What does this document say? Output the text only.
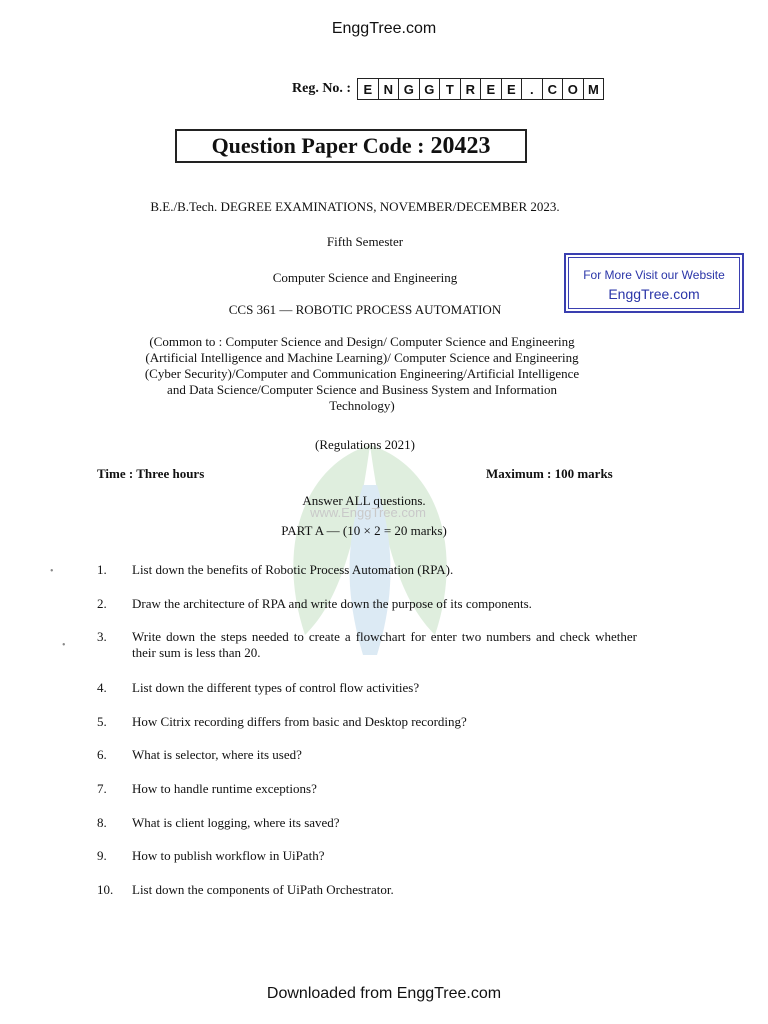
EnggTree.com
Reg. No. : E N G G T R E E	.	C O M
Question Paper Code : 20423
B.E./B.Tech. DEGREE EXAMINATIONS, NOVEMBER/DECEMBER 2023.
Fifth Semester
Computer Science and Engineering
CCS 361 — ROBOTIC PROCESS AUTOMATION
For More Visit our Website
EnggTree.com
(Common to : Computer Science and Design/ Computer Science and Engineering
(Artificial Intelligence and Machine Learning)/ Computer Science and Engineering
(Cyber Security)/Computer and Communication Engineering/Artificial Intelligence
and Data Science/Computer Science and Business System and Information
Technology)
(Regulations 2021)
Time : Three hours	Maximum : 100 marks
Answer ALL questions.
www.EnggTree.com
PART A — (10 × 2 = 20 marks)
•
•
1.	List down the benefits of Robotic Process Automation (RPA).
2.	Draw the architecture of RPA and write down the purpose of its components.
3.	Write down the steps needed to create a flowchart for enter two numbers and check whether their sum is less than 20.
4.	List down the different types of control flow activities?
5.	How Citrix recording differs from basic and Desktop recording?
6.	What is selector, where its used?
7.	How to handle runtime exceptions?
8.	What is client logging, where its saved?
9.	How to publish workflow in UiPath?
10.	List down the components of UiPath Orchestrator.
Downloaded from EnggTree.com
